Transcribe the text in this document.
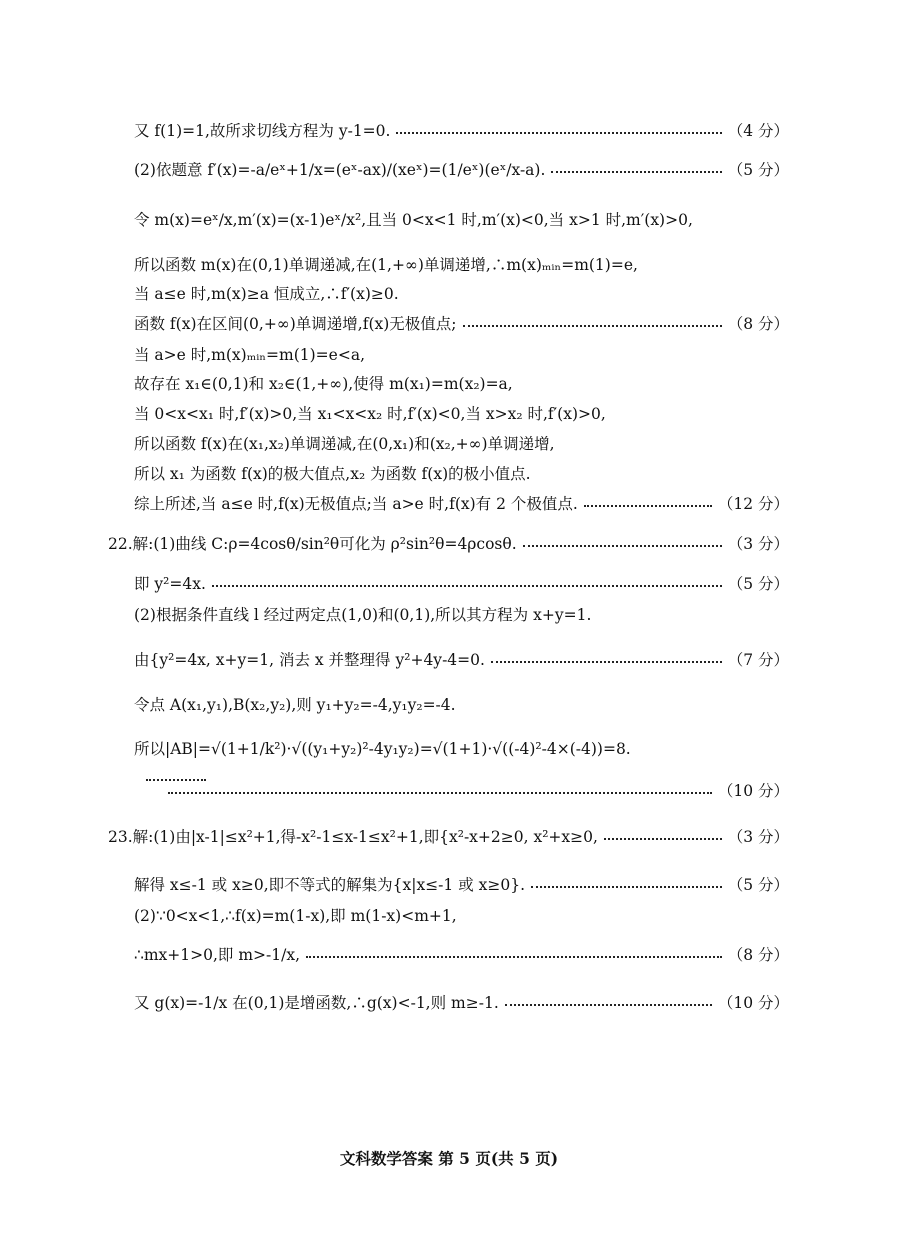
又 f(1)=1,故所求切线方程为 y-1=0.	（4 分）
(2)依题意 f′(x)=-a/eˣ+1/x=(eˣ-ax)/(xeˣ)=(1/eˣ)(eˣ/x-a).	（5 分）
令 m(x)=eˣ/x,m′(x)=(x-1)eˣ/x²,且当 0<x<1 时,m′(x)<0,当 x>1 时,m′(x)>0,
所以函数 m(x)在(0,1)单调递减,在(1,+∞)单调递增,∴m(x)ₘᵢₙ=m(1)=e,
当 a≤e 时,m(x)≥a 恒成立,∴f′(x)≥0.
函数 f(x)在区间(0,+∞)单调递增,f(x)无极值点;	（8 分）
当 a>e 时,m(x)ₘᵢₙ=m(1)=e<a,
故存在 x₁∈(0,1)和 x₂∈(1,+∞),使得 m(x₁)=m(x₂)=a,
当 0<x<x₁ 时,f′(x)>0,当 x₁<x<x₂ 时,f′(x)<0,当 x>x₂ 时,f′(x)>0,
所以函数 f(x)在(x₁,x₂)单调递减,在(0,x₁)和(x₂,+∞)单调递增,
所以 x₁ 为函数 f(x)的极大值点,x₂ 为函数 f(x)的极小值点.
综上所述,当 a≤e 时,f(x)无极值点;当 a>e 时,f(x)有 2 个极值点.	（12 分）
22.解:(1)曲线 C:ρ=4cosθ/sin²θ可化为 ρ²sin²θ=4ρcosθ.	（3 分）
即 y²=4x.	（5 分）
(2)根据条件直线 l 经过两定点(1,0)和(0,1),所以其方程为 x+y=1.
由{y²=4x, x+y=1, 消去 x 并整理得 y²+4y-4=0.	（7 分）
令点 A(x₁,y₁),B(x₂,y₂),则 y₁+y₂=-4,y₁y₂=-4.
所以|AB|=√(1+1/k²)·√((y₁+y₂)²-4y₁y₂)=√(1+1)·√((-4)²-4×(-4))=8.
（10 分）
23.解:(1)由|x-1|≤x²+1,得-x²-1≤x-1≤x²+1,即{x²-x+2≥0, x²+x≥0,	（3 分）
解得 x≤-1 或 x≥0,即不等式的解集为{x|x≤-1 或 x≥0}.	（5 分）
(2)∵0<x<1,∴f(x)=m(1-x),即 m(1-x)<m+1,
∴mx+1>0,即 m>-1/x,	（8 分）
又 g(x)=-1/x 在(0,1)是增函数,∴g(x)<-1,则 m≥-1.	（10 分）
文科数学答案 第 5 页(共 5 页)
